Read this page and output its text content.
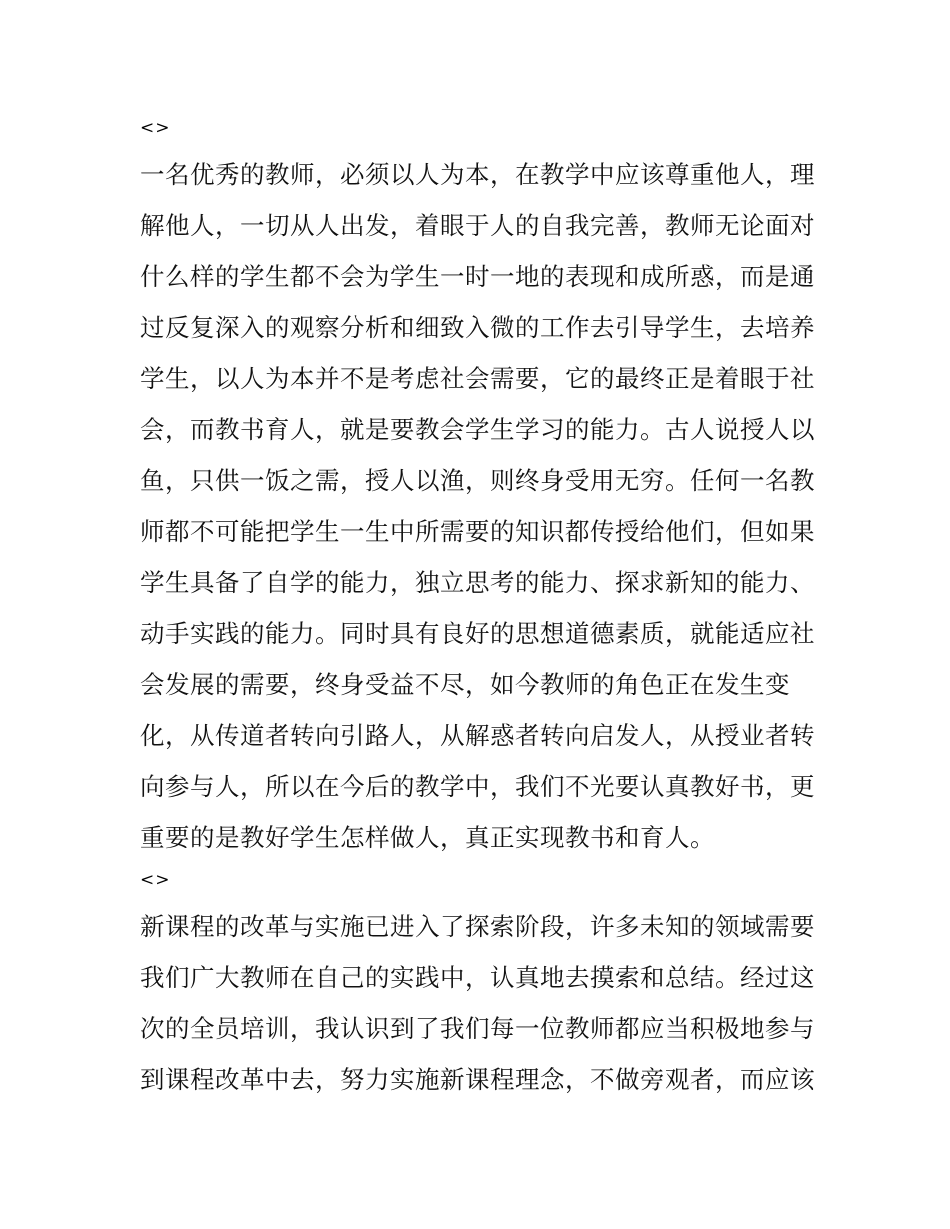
<>

一名优秀的教师，必须以人为本，在教学中应该尊重他人，理

解他人，一切从人出发，着眼于人的自我完善，教师无论面对

什么样的学生都不会为学生一时一地的表现和成所惑，而是通

过反复深入的观察分析和细致入微的工作去引导学生，去培养

学生，以人为本并不是考虑社会需要，它的最终正是着眼于社

会，而教书育人，就是要教会学生学习的能力。古人说授人以

鱼，只供一饭之需，授人以渔，则终身受用无穷。任何一名教

师都不可能把学生一生中所需要的知识都传授给他们，但如果

学生具备了自学的能力，独立思考的能力、探求新知的能力、

动手实践的能力。同时具有良好的思想道德素质，就能适应社

会发展的需要，终身受益不尽，如今教师的角色正在发生变

化，从传道者转向引路人，从解惑者转向启发人，从授业者转

向参与人，所以在今后的教学中，我们不光要认真教好书，更

重要的是教好学生怎样做人，真正实现教书和育人。

<>

新课程的改革与实施已进入了探索阶段，许多未知的领域需要

我们广大教师在自己的实践中，认真地去摸索和总结。经过这

次的全员培训，我认识到了我们每一位教师都应当积极地参与

到课程改革中去，努力实施新课程理念，不做旁观者，而应该
